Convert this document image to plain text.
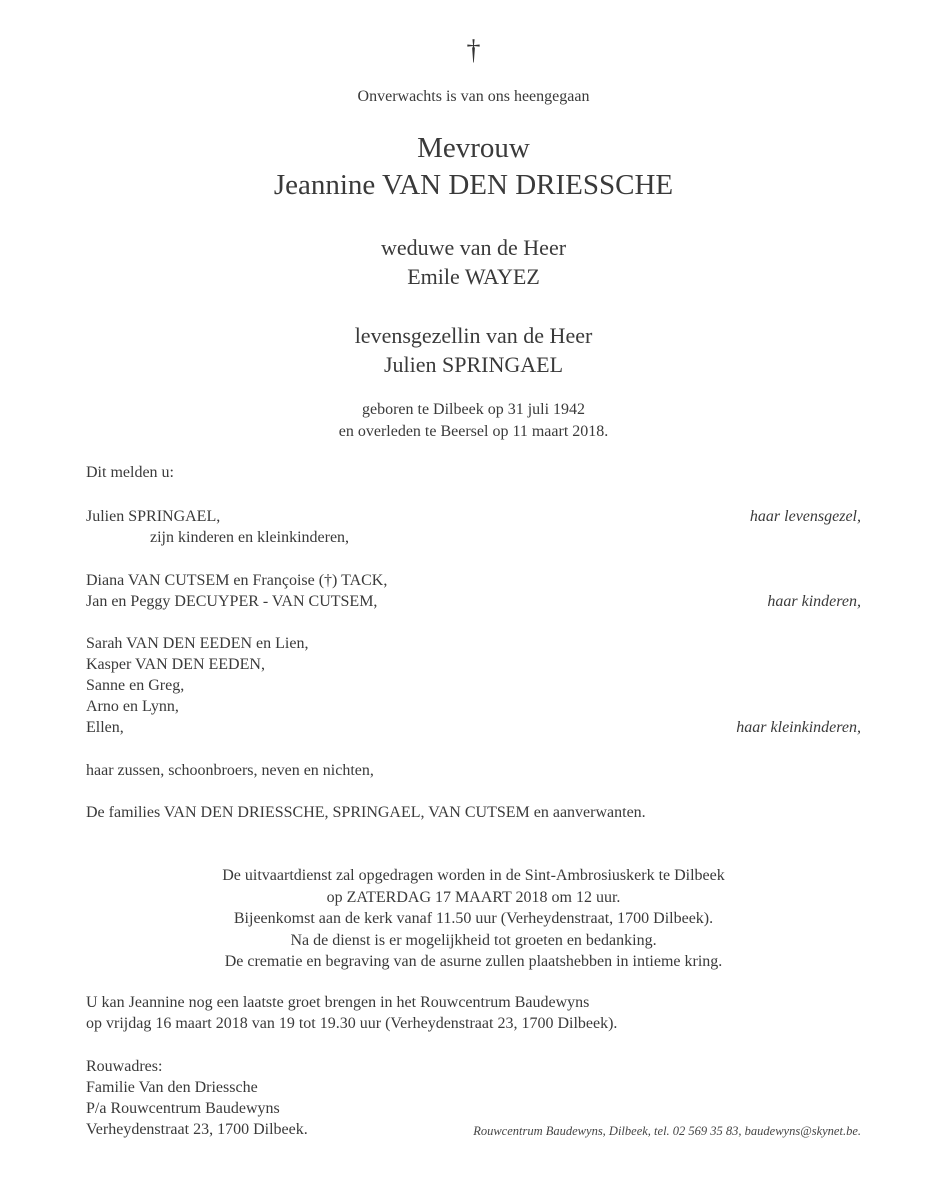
†
Onverwachts is van ons heengegaan
Mevrouw
Jeannine VAN DEN DRIESSCHE
weduwe van de Heer
Emile WAYEZ
levensgezellin van de Heer
Julien SPRINGAEL
geboren te Dilbeek op 31 juli 1942
en overleden te Beersel op 11 maart 2018.
Dit melden u:
Julien SPRINGAEL,	haar levensgezel,
zijn kinderen en kleinkinderen,
Diana VAN CUTSEM en Françoise (†) TACK,
Jan en Peggy DECUYPER - VAN CUTSEM,	haar kinderen,
Sarah VAN DEN EEDEN en Lien,
Kasper VAN DEN EEDEN,
Sanne en Greg,
Arno en Lynn,
Ellen,	haar kleinkinderen,
haar zussen, schoonbroers, neven en nichten,
De families VAN DEN DRIESSCHE, SPRINGAEL, VAN CUTSEM en aanverwanten.
De uitvaartdienst zal opgedragen worden in de Sint-Ambrosiuskerk te Dilbeek
op ZATERDAG 17 MAART 2018 om 12 uur.
Bijeenkomst aan de kerk vanaf 11.50 uur (Verheydenstraat, 1700 Dilbeek).
Na de dienst is er mogelijkheid tot groeten en bedanking.
De crematie en begraving van de asurne zullen plaatshebben in intieme kring.
U kan Jeannine nog een laatste groet brengen in het Rouwcentrum Baudewyns
op vrijdag 16 maart 2018 van 19 tot 19.30 uur (Verheydenstraat 23, 1700 Dilbeek).
Rouwadres:
Familie Van den Driessche
P/a Rouwcentrum Baudewyns
Verheydenstraat 23, 1700 Dilbeek.	Rouwcentrum Baudewyns, Dilbeek, tel. 02 569 35 83, baudewyns@skynet.be.
